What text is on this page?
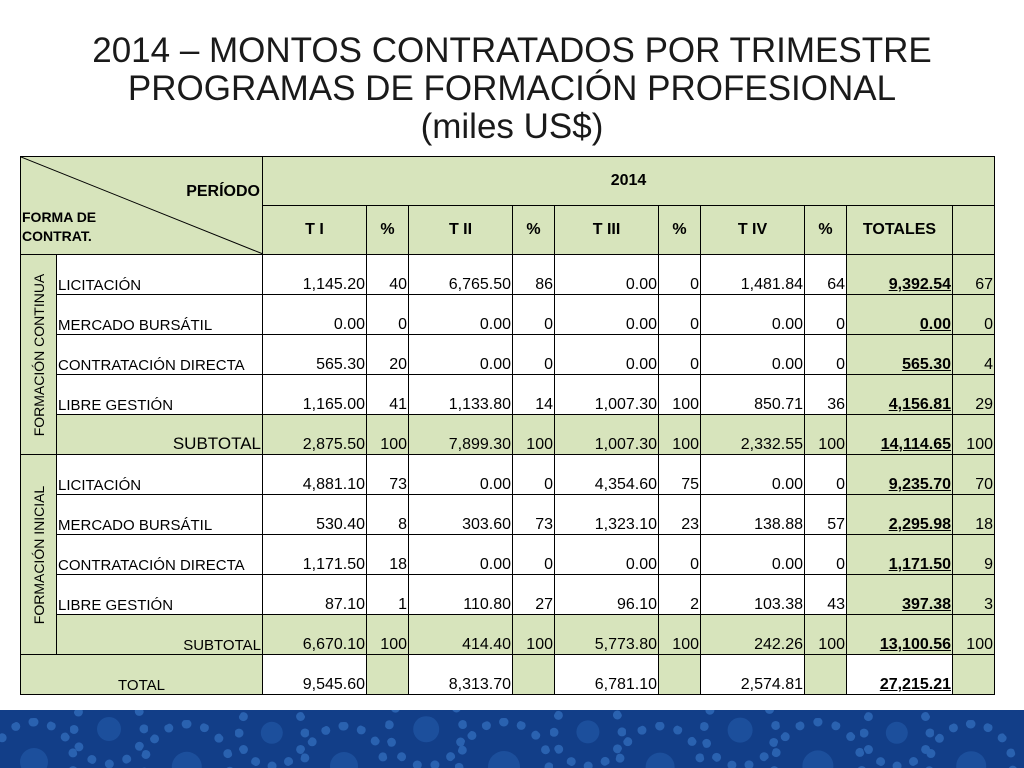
2014 – MONTOS CONTRATADOS POR TRIMESTRE
PROGRAMAS DE FORMACIÓN PROFESIONAL
(miles US$)
PERÍODO
FORMA DE
CONTRAT.		2014									
		T I	%	T II	%	T III	%	T IV	%	TOTALES	

FORMACIÓN CONTINUA	LICITACIÓN	1,145.20	40	6,765.50	86	0.00	0	1,481.84	64	9,392.54	67
	MERCADO BURSÁTIL	0.00	0	0.00	0	0.00	0	0.00	0	0.00	0
	CONTRATACIÓN DIRECTA	565.30	20	0.00	0	0.00	0	0.00	0	565.30	4
	LIBRE GESTIÓN	1,165.00	41	1,133.80	14	1,007.30	100	850.71	36	4,156.81	29
	SUBTOTAL	2,875.50	100	7,899.30	100	1,007.30	100	2,332.55	100	14,114.65	100

FORMACIÓN INICIAL	LICITACIÓN	4,881.10	73	0.00	0	4,354.60	75	0.00	0	9,235.70	70
	MERCADO BURSÁTIL	530.40	8	303.60	73	1,323.10	23	138.88	57	2,295.98	18
	CONTRATACIÓN DIRECTA	1,171.50	18	0.00	0	0.00	0	0.00	0	1,171.50	9
	LIBRE GESTIÓN	87.10	1	110.80	27	96.10	2	103.38	43	397.38	3
	SUBTOTAL	6,670.10	100	414.40	100	5,773.80	100	242.26	100	13,100.56	100
TOTAL		9,545.60		8,313.70		6,781.10		2,574.81		27,215.21	
